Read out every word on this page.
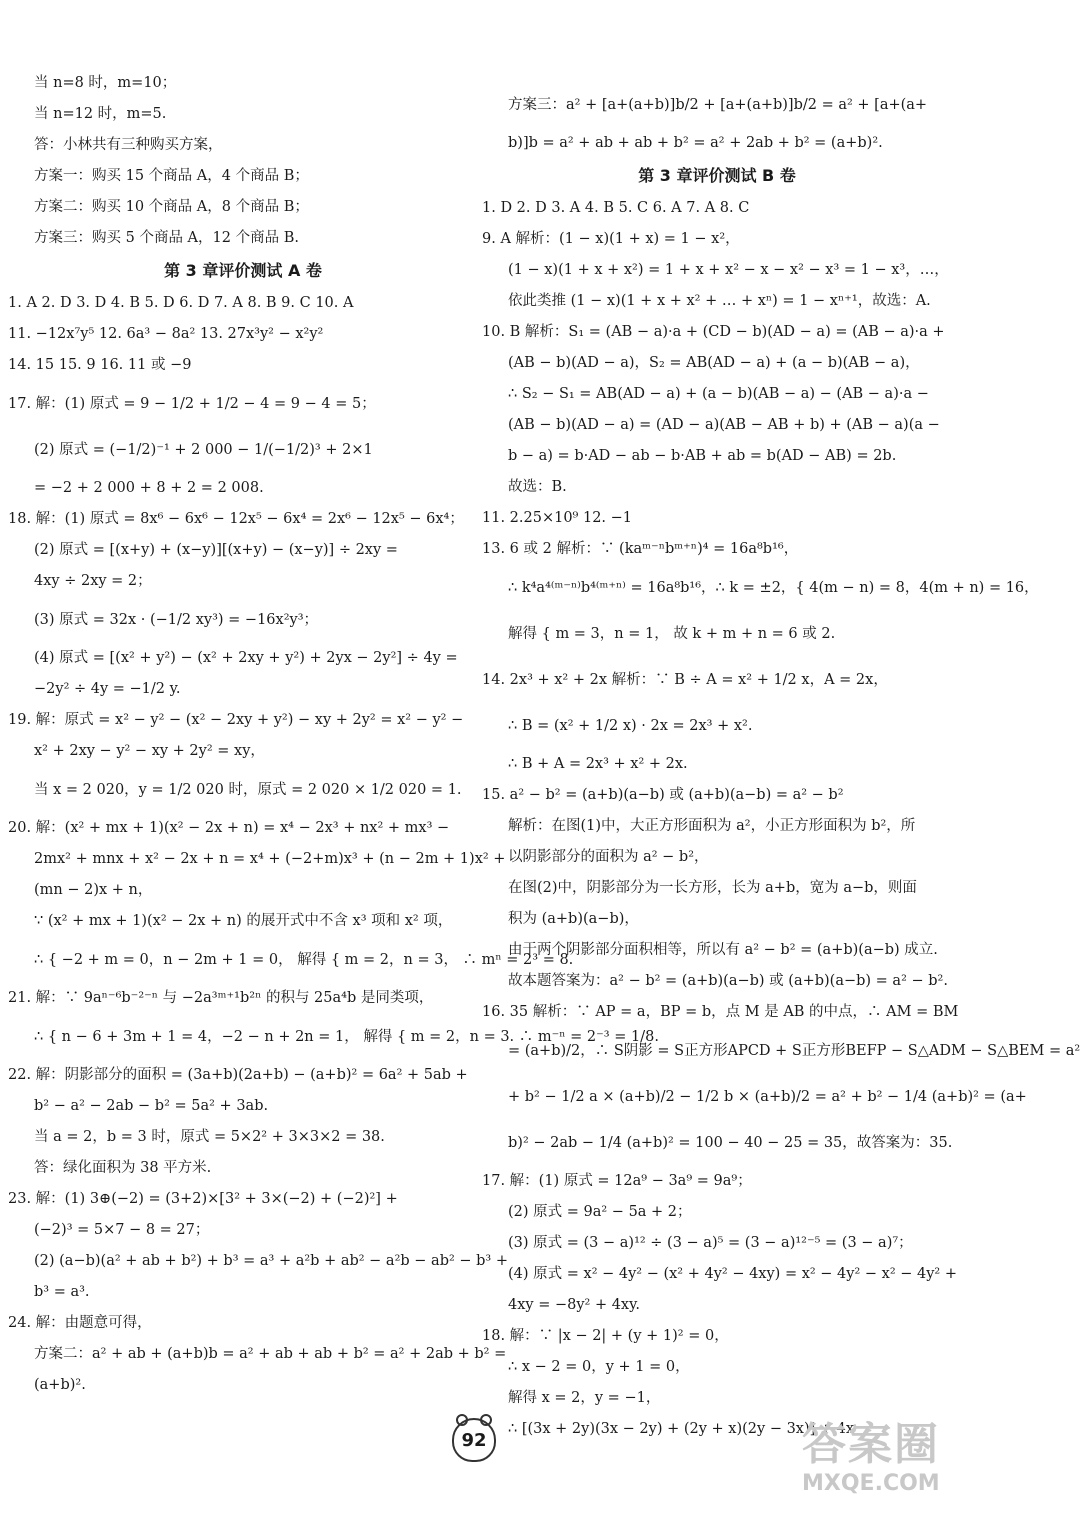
当 n=8 时，m=10；
当 n=12 时，m=5.
答：小林共有三种购买方案，
方案一：购买 15 个商品 A，4 个商品 B；
方案二：购买 10 个商品 A，8 个商品 B；
方案三：购买 5 个商品 A，12 个商品 B.
第 3 章评价测试 A 卷
1. A 2. D 3. D 4. B 5. D 6. D 7. A 8. B 9. C 10. A
11. −12x⁷y⁵ 12. 6a³ − 8a² 13. 27x³y² − x²y²
14. 15 15. 9 16. 11 或 −9
17. 解：(1) 原式 = 9 − 1/2 + 1/2 − 4 = 9 − 4 = 5；
(2) 原式 = (−1/2)⁻¹ + 2 000 − 1/(−1/2)³ + 2×1
= −2 + 2 000 + 8 + 2 = 2 008.
18. 解：(1) 原式 = 8x⁶ − 6x⁶ − 12x⁵ − 6x⁴ = 2x⁶ − 12x⁵ − 6x⁴；
(2) 原式 = [(x+y) + (x−y)][(x+y) − (x−y)] ÷ 2xy =
4xy ÷ 2xy = 2；
(3) 原式 = 32x · (−1/2 xy³) = −16x²y³；
(4) 原式 = [(x² + y²) − (x² + 2xy + y²) + 2yx − 2y²] ÷ 4y =
−2y² ÷ 4y = −1/2 y.
19. 解：原式 = x² − y² − (x² − 2xy + y²) − xy + 2y² = x² − y² −
x² + 2xy − y² − xy + 2y² = xy，
当 x = 2 020，y = 1/2 020 时，原式 = 2 020 × 1/2 020 = 1.
20. 解：(x² + mx + 1)(x² − 2x + n) = x⁴ − 2x³ + nx² + mx³ −
2mx² + mnx + x² − 2x + n = x⁴ + (−2+m)x³ + (n − 2m + 1)x² +
(mn − 2)x + n，
∵ (x² + mx + 1)(x² − 2x + n) 的展开式中不含 x³ 项和 x² 项，
∴ { −2 + m = 0，n − 2m + 1 = 0， 解得 { m = 2，n = 3， ∴ mⁿ = 2³ = 8.
21. 解：∵ 9aⁿ⁻⁶b⁻²⁻ⁿ 与 −2a³ᵐ⁺¹b²ⁿ 的积与 25a⁴b 是同类项，
∴ { n − 6 + 3m + 1 = 4，−2 − n + 2n = 1， 解得 { m = 2，n = 3. ∴ m⁻ⁿ = 2⁻³ = 1/8.
22. 解：阴影部分的面积 = (3a+b)(2a+b) − (a+b)² = 6a² + 5ab +
b² − a² − 2ab − b² = 5a² + 3ab.
当 a = 2，b = 3 时，原式 = 5×2² + 3×3×2 = 38.
答：绿化面积为 38 平方米.
23. 解：(1) 3⊕(−2) = (3+2)×[3² + 3×(−2) + (−2)²] +
(−2)³ = 5×7 − 8 = 27；
(2) (a−b)(a² + ab + b²) + b³ = a³ + a²b + ab² − a²b − ab² − b³ +
b³ = a³.
24. 解：由题意可得，
方案二：a² + ab + (a+b)b = a² + ab + ab + b² = a² + 2ab + b² =
(a+b)².
方案三：a² + [a+(a+b)]b/2 + [a+(a+b)]b/2 = a² + [a+(a+
b)]b = a² + ab + ab + b² = a² + 2ab + b² = (a+b)².
第 3 章评价测试 B 卷
1. D 2. D 3. A 4. B 5. C 6. A 7. A 8. C
9. A 解析：(1 − x)(1 + x) = 1 − x²，
(1 − x)(1 + x + x²) = 1 + x + x² − x − x² − x³ = 1 − x³，…，
依此类推 (1 − x)(1 + x + x² + … + xⁿ) = 1 − xⁿ⁺¹，故选：A.
10. B 解析：S₁ = (AB − a)·a + (CD − b)(AD − a) = (AB − a)·a +
(AB − b)(AD − a)，S₂ = AB(AD − a) + (a − b)(AB − a)，
∴ S₂ − S₁ = AB(AD − a) + (a − b)(AB − a) − (AB − a)·a −
(AB − b)(AD − a) = (AD − a)(AB − AB + b) + (AB − a)(a −
b − a) = b·AD − ab − b·AB + ab = b(AD − AB) = 2b.
故选：B.
11. 2.25×10⁹ 12. −1
13. 6 或 2 解析：∵ (kaᵐ⁻ⁿbᵐ⁺ⁿ)⁴ = 16a⁸b¹⁶，
∴ k⁴a⁴⁽ᵐ⁻ⁿ⁾b⁴⁽ᵐ⁺ⁿ⁾ = 16a⁸b¹⁶，∴ k = ±2，{ 4(m − n) = 8，4(m + n) = 16，
解得 { m = 3，n = 1， 故 k + m + n = 6 或 2.
14. 2x³ + x² + 2x 解析：∵ B ÷ A = x² + 1/2 x，A = 2x，
∴ B = (x² + 1/2 x) · 2x = 2x³ + x².
∴ B + A = 2x³ + x² + 2x.
15. a² − b² = (a+b)(a−b) 或 (a+b)(a−b) = a² − b²
解析：在图(1)中，大正方形面积为 a²，小正方形面积为 b²，所
以阴影部分的面积为 a² − b²，
在图(2)中，阴影部分为一长方形，长为 a+b，宽为 a−b，则面
积为 (a+b)(a−b)，
由于两个阴影部分面积相等，所以有 a² − b² = (a+b)(a−b) 成立.
故本题答案为：a² − b² = (a+b)(a−b) 或 (a+b)(a−b) = a² − b².
16. 35 解析：∵ AP = a，BP = b，点 M 是 AB 的中点，∴ AM = BM
= (a+b)/2，∴ S阴影 = S正方形APCD + S正方形BEFP − S△ADM − S△BEM = a²
+ b² − 1/2 a × (a+b)/2 − 1/2 b × (a+b)/2 = a² + b² − 1/4 (a+b)² = (a+
b)² − 2ab − 1/4 (a+b)² = 100 − 40 − 25 = 35，故答案为：35.
17. 解：(1) 原式 = 12a⁹ − 3a⁹ = 9a⁹；
(2) 原式 = 9a² − 5a + 2；
(3) 原式 = (3 − a)¹² ÷ (3 − a)⁵ = (3 − a)¹²⁻⁵ = (3 − a)⁷；
(4) 原式 = x² − 4y² − (x² + 4y² − 4xy) = x² − 4y² − x² − 4y² +
4xy = −8y² + 4xy.
18. 解：∵ |x − 2| + (y + 1)² = 0，
∴ x − 2 = 0，y + 1 = 0，
解得 x = 2，y = −1，
∴ [(3x + 2y)(3x − 2y) + (2y + x)(2y − 3x)] ÷ 4x
92	答案圈
MXQE.COM
